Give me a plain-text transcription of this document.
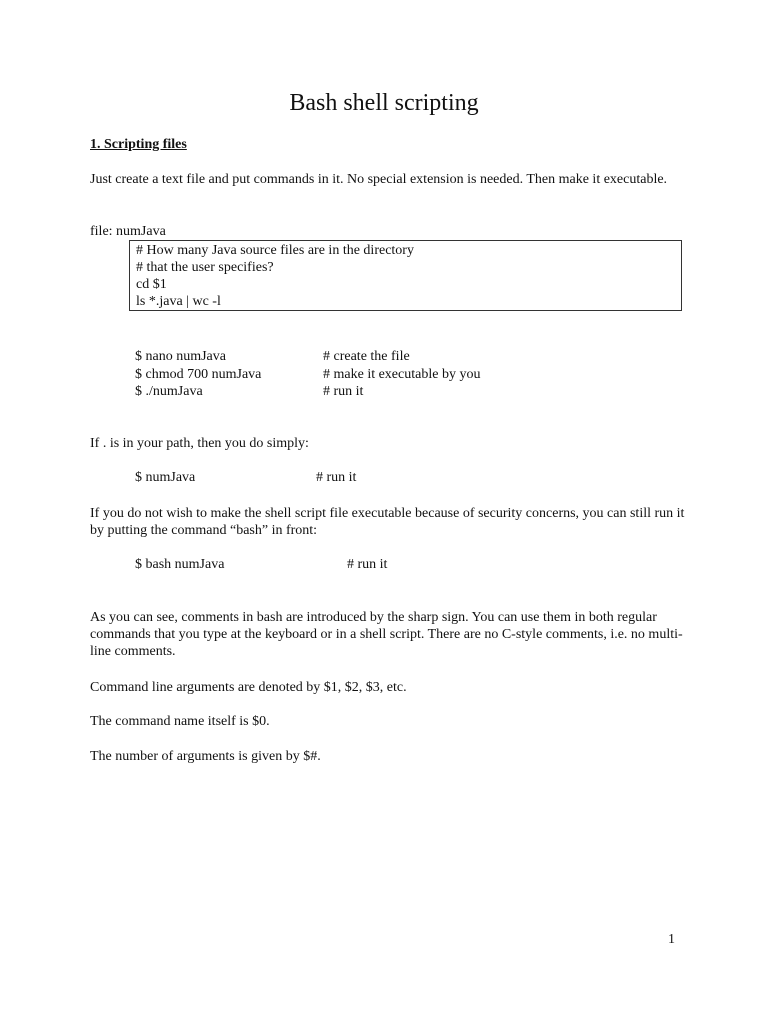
Bash shell scripting
1. Scripting files
Just create a text file and put commands in it. No special extension is needed. Then make it executable.
file: numJava
# How many Java source files are in the directory
# that the user specifies?
cd $1
ls *.java | wc -l
$ nano numJava	# create the file
$ chmod 700 numJava	# make it executable by you
$ ./numJava	# run it
If . is in your path, then you do simply:
$ numJava	# run it
If you do not wish to make the shell script file executable because of security concerns, you can still run it by putting the command “bash” in front:
$ bash numJava	# run it
As you can see, comments in bash are introduced by the sharp sign. You can use them in both regular commands that you type at the keyboard or in a shell script. There are no C-style comments, i.e. no multi-line comments.
Command line arguments are denoted by $1, $2, $3, etc.
The command name itself is $0.
The number of arguments is given by $#.
1
